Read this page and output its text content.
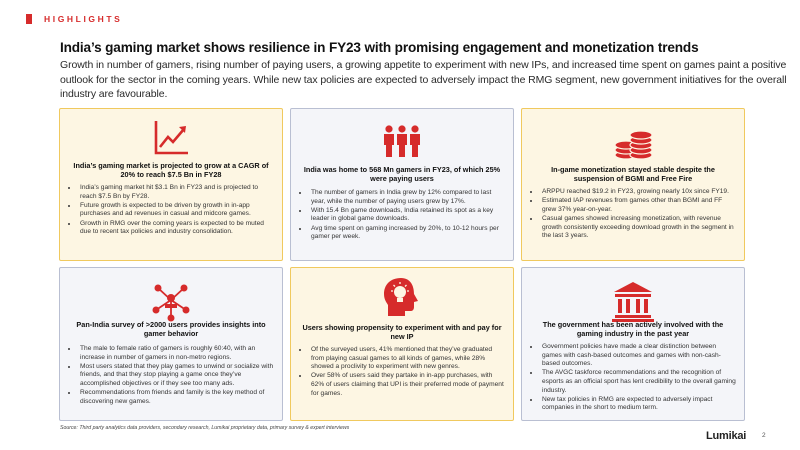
HIGHLIGHTS
India’s gaming market shows resilience in FY23 with promising engagement and monetization trends
Growth in number of gamers, rising number of paying users, a growing appetite to experiment with new IPs, and increased time spent on games paint a positive outlook for the sector in the coming years. While new tax policies are expected to adversely impact the RMG segment, new government initiatives for the overall industry are favourable.
India’s gaming market is projected to grow at a CAGR of 20% to reach $7.5 Bn in FY28
• India’s gaming market hit $3.1 Bn in FY23 and is projected to reach $7.5 Bn by FY28.
• Future growth is expected to be driven by growth in in-app purchases and ad revenues in casual and midcore games.
• Growth in RMG over the coming years is expected to be muted due to recent tax policies and industry consolidation.
India was home to 568 Mn gamers in FY23, of which 25% were paying users
• The number of gamers in India grew by 12% compared to last year, while the number of paying users grew by 17%.
• With 15.4 Bn game downloads, India retained its spot as a key leader in global game downloads.
• Avg time spent on gaming increased by 20%, to 10-12 hours per gamer per week.
In-game monetization stayed stable despite the suspension of BGMI and Free Fire
• ARPPU reached $19.2 in FY23, growing nearly 10x since FY19.
• Estimated IAP revenues from games other than BGMI and FF grew 37% year-on-year.
• Casual games showed increasing monetization, with revenue growth consistently exceeding download growth in the segment in the last 3 years.
Pan-India survey of >2000 users provides insights into gamer behavior
• The male to female ratio of gamers is roughly 60:40, with an increase in number of gamers in non-metro regions.
• Most users stated that they play games to unwind or socialize with friends, and that they stop playing a game once they’ve accomplished objectives or if they see too many ads.
• Recommendations from friends and family is the key method of discovering new games.
Users showing propensity to experiment with and pay for new IP
• Of the surveyed users, 41% mentioned that they’ve graduated from playing casual games to all kinds of games, while 28% showed a proclivity to experiment with new genres.
• Over 58% of users said they partake in in-app purchases, with 62% of users claiming that UPI is their preferred mode of payment for games.
The government has been actively involved with the gaming industry in the past year
• Government policies have made a clear distinction between games with cash-based outcomes and games with non-cash-based outcomes.
• The AVGC taskforce recommendations and the recognition of esports as an official sport has lent credibility to the overall gaming industry.
• New tax policies in RMG are expected to adversely impact companies in the short to medium term.
Source: Third party analytics data providers, secondary research, Lumikai proprietary data, primary survey & expert interviews
Lumikai 2
